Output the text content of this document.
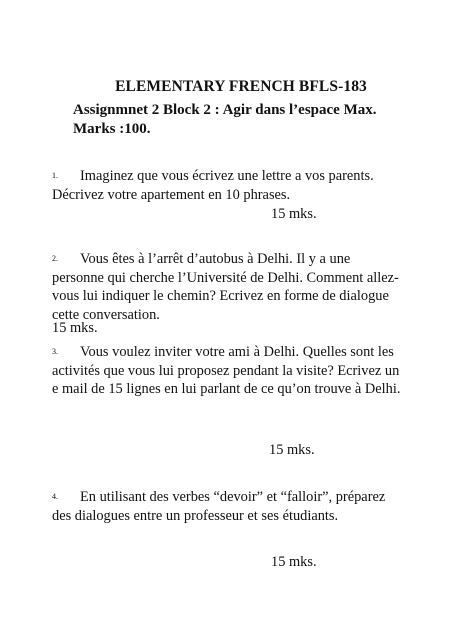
ELEMENTARY FRENCH BFLS-183
Assignmnet 2 Block 2 : Agir dans l’espace Max. Marks :100.
1. Imaginez que vous écrivez une lettre a vos parents. Décrivez votre apartement en 10 phrases.
15 mks.
2. Vous êtes à l’arrêt d’autobus à Delhi. Il y a une personne qui cherche l’Université de Delhi. Comment allez-vous lui indiquer le chemin? Ecrivez en forme de dialogue cette conversation.
15 mks.
3. Vous voulez inviter votre ami à Delhi. Quelles sont les activités que vous lui proposez pendant la visite? Ecrivez un e mail de 15 lignes en lui parlant de ce qu’on trouve à Delhi.
15 mks.
4. En utilisant des verbes “devoir” et “falloir”, préparez des dialogues entre un professeur et ses étudiants.
15 mks.
